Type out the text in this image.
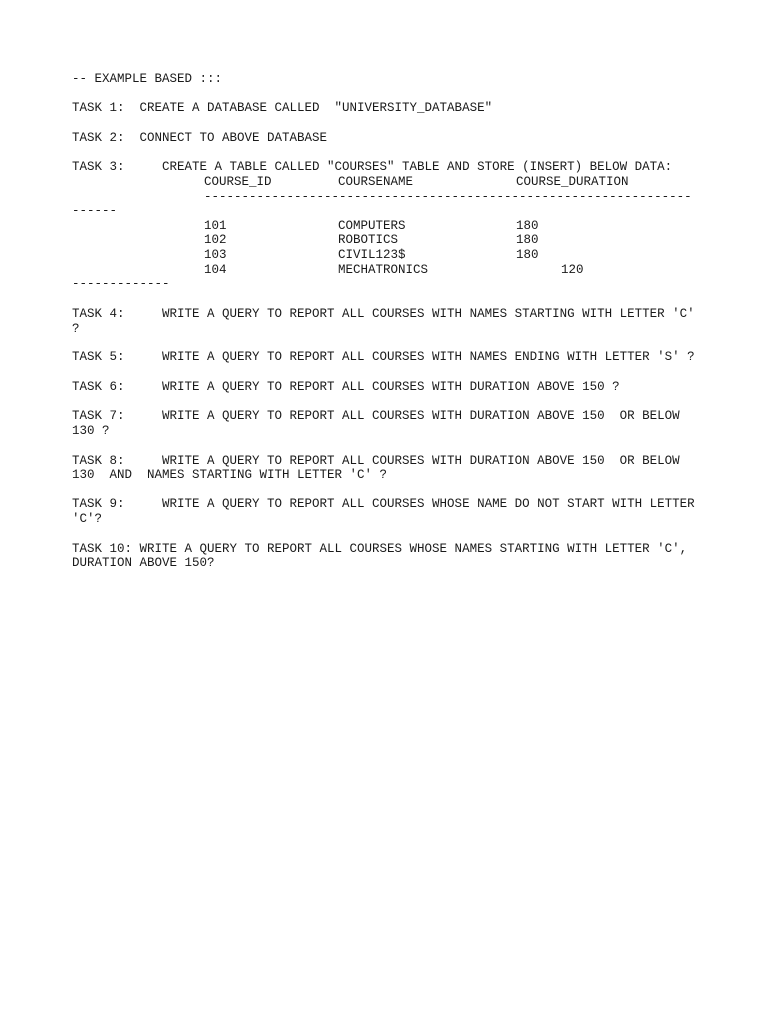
-- EXAMPLE BASED :::

TASK 1:  CREATE A DATABASE CALLED  "UNIVERSITY_DATABASE"

TASK 2:  CONNECT TO ABOVE DATABASE

TASK 3:     CREATE A TABLE CALLED "COURSES" TABLE AND STORE (INSERT) BELOW DATA:

COURSE_ID	COURSENAME	COURSE_DURATION

-----------------------------------------------------------------

------

101	COMPUTERS	180

102	ROBOTICS	180

103	CIVIL123$	180

104	MECHATRONICS	120

-------------

TASK 4:     WRITE A QUERY TO REPORT ALL COURSES WITH NAMES STARTING WITH LETTER 'C'

?

TASK 5:     WRITE A QUERY TO REPORT ALL COURSES WITH NAMES ENDING WITH LETTER 'S' ?

TASK 6:     WRITE A QUERY TO REPORT ALL COURSES WITH DURATION ABOVE 150 ?

TASK 7:     WRITE A QUERY TO REPORT ALL COURSES WITH DURATION ABOVE 150  OR BELOW

130 ?

TASK 8:     WRITE A QUERY TO REPORT ALL COURSES WITH DURATION ABOVE 150  OR BELOW

130  AND  NAMES STARTING WITH LETTER 'C' ?

TASK 9:     WRITE A QUERY TO REPORT ALL COURSES WHOSE NAME DO NOT START WITH LETTER

'C'?

TASK 10: WRITE A QUERY TO REPORT ALL COURSES WHOSE NAMES STARTING WITH LETTER 'C',

DURATION ABOVE 150?
